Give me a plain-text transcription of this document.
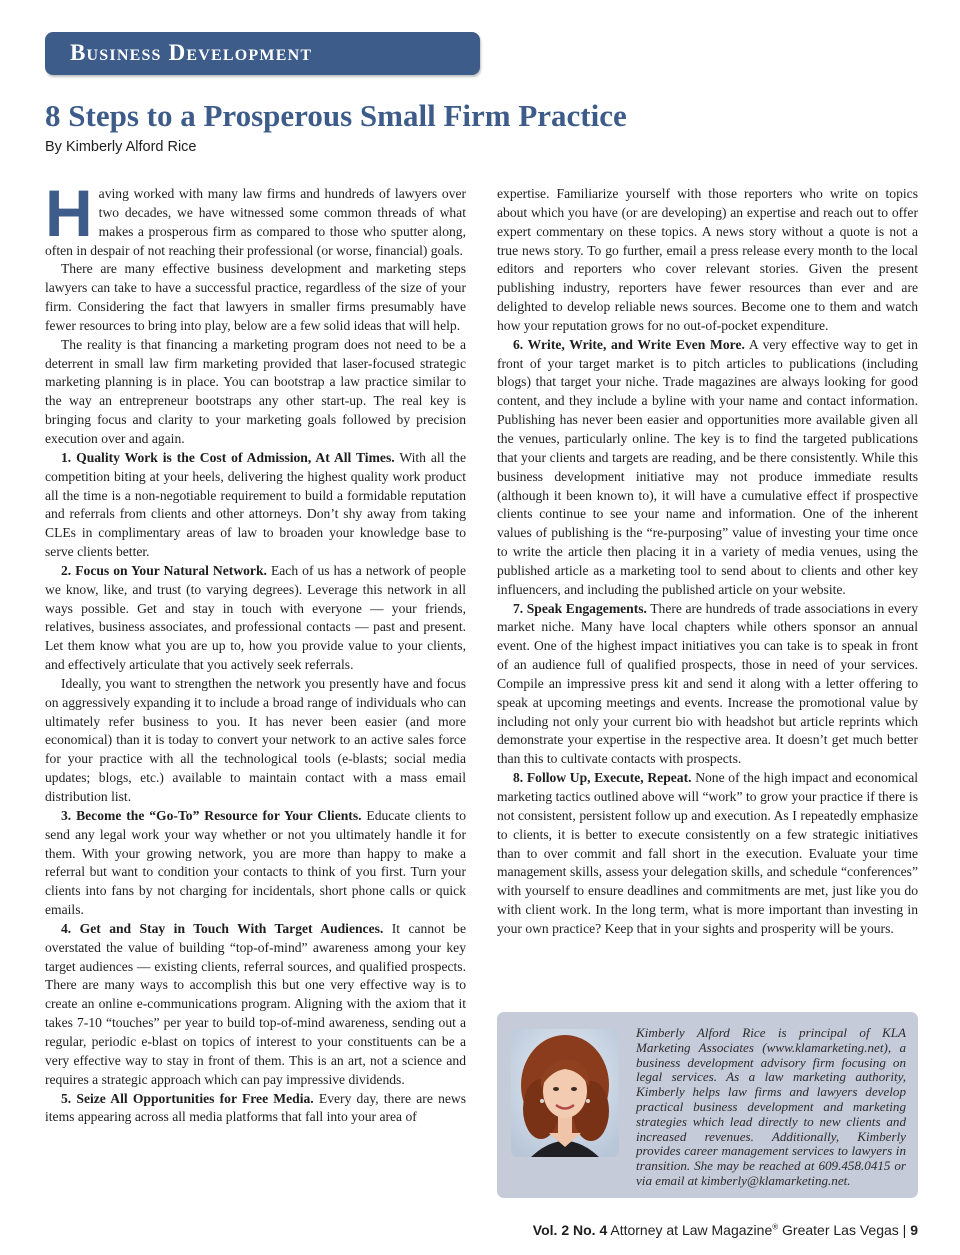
Business Development
8 Steps to a Prosperous Small Firm Practice
By Kimberly Alford Rice

Having worked with many law firms and hundreds of lawyers over two decades, we have witnessed some common threads of what makes a prosperous firm as compared to those who sputter along, often in despair of not reaching their professional (or worse, financial) goals.

There are many effective business development and marketing steps lawyers can take to have a successful practice, regardless of the size of your firm. Considering the fact that lawyers in smaller firms presumably have fewer resources to bring into play, below are a few solid ideas that will help.

The reality is that financing a marketing program does not need to be a deterrent in small law firm marketing provided that laser-focused strategic marketing planning is in place. You can bootstrap a law practice similar to the way an entrepreneur bootstraps any other start-up. The real key is bringing focus and clarity to your marketing goals followed by precision execution over and again.

1. Quality Work is the Cost of Admission, At All Times. With all the competition biting at your heels, delivering the highest quality work product all the time is a non-negotiable requirement to build a formidable reputation and referrals from clients and other attorneys. Don’t shy away from taking CLEs in complimentary areas of law to broaden your knowledge base to serve clients better.

2. Focus on Your Natural Network. Each of us has a network of people we know, like, and trust (to varying degrees). Leverage this network in all ways possible. Get and stay in touch with everyone — your friends, relatives, business associates, and professional contacts — past and present. Let them know what you are up to, how you provide value to your clients, and effectively articulate that you actively seek referrals.

Ideally, you want to strengthen the network you presently have and focus on aggressively expanding it to include a broad range of individuals who can ultimately refer business to you. It has never been easier (and more economical) than it is today to convert your network to an active sales force for your practice with all the technological tools (e-blasts; social media updates; blogs, etc.) available to maintain contact with a mass email distribution list.

3. Become the “Go-To” Resource for Your Clients. Educate clients to send any legal work your way whether or not you ultimately handle it for them. With your growing network, you are more than happy to make a referral but want to condition your contacts to think of you first. Turn your clients into fans by not charging for incidentals, short phone calls or quick emails.

4. Get and Stay in Touch With Target Audiences. It cannot be overstated the value of building “top-of-mind” awareness among your key target audiences — existing clients, referral sources, and qualified prospects. There are many ways to accomplish this but one very effective way is to create an online e-communications program. Aligning with the axiom that it takes 7-10 “touches” per year to build top-of-mind awareness, sending out a regular, periodic e-blast on topics of interest to your constituents can be a very effective way to stay in front of them. This is an art, not a science and requires a strategic approach which can pay impressive dividends.

5. Seize All Opportunities for Free Media. Every day, there are news items appearing across all media platforms that fall into your area of

expertise. Familiarize yourself with those reporters who write on topics about which you have (or are developing) an expertise and reach out to offer expert commentary on these topics. A news story without a quote is not a true news story. To go further, email a press release every month to the local editors and reporters who cover relevant stories. Given the present publishing industry, reporters have fewer resources than ever and are delighted to develop reliable news sources. Become one to them and watch how your reputation grows for no out-of-pocket expenditure.

6. Write, Write, and Write Even More. A very effective way to get in front of your target market is to pitch articles to publications (including blogs) that target your niche. Trade magazines are always looking for good content, and they include a byline with your name and contact information. Publishing has never been easier and opportunities more available given all the venues, particularly online. The key is to find the targeted publications that your clients and targets are reading, and be there consistently. While this business development initiative may not produce immediate results (although it been known to), it will have a cumulative effect if prospective clients continue to see your name and information. One of the inherent values of publishing is the “re-purposing” value of investing your time once to write the article then placing it in a variety of media venues, using the published article as a marketing tool to send about to clients and other key influencers, and including the published article on your website.

7. Speak Engagements. There are hundreds of trade associations in every market niche. Many have local chapters while others sponsor an annual event. One of the highest impact initiatives you can take is to speak in front of an audience full of qualified prospects, those in need of your services. Compile an impressive press kit and send it along with a letter offering to speak at upcoming meetings and events. Increase the promotional value by including not only your current bio with headshot but article reprints which demonstrate your expertise in the respective area. It doesn’t get much better than this to cultivate contacts with prospects.

8. Follow Up, Execute, Repeat. None of the high impact and economical marketing tactics outlined above will “work” to grow your practice if there is not consistent, persistent follow up and execution. As I repeatedly emphasize to clients, it is better to execute consistently on a few strategic initiatives than to over commit and fall short in the execution. Evaluate your time management skills, assess your delegation skills, and schedule “conferences” with yourself to ensure deadlines and commitments are met, just like you do with client work. In the long term, what is more important than investing in your own practice? Keep that in your sights and prosperity will be yours.

Kimberly Alford Rice is principal of KLA Marketing Associates (www.klamarketing.net), a business development advisory firm focusing on legal services. As a law marketing authority, Kimberly helps law firms and lawyers develop practical business development and marketing strategies which lead directly to new clients and increased revenues. Additionally, Kimberly provides career management services to lawyers in transition. She may be reached at 609.458.0415 or via email at kimberly@klamarketing.net.
Vol. 2 No. 4 Attorney at Law Magazine® Greater Las Vegas | 9
